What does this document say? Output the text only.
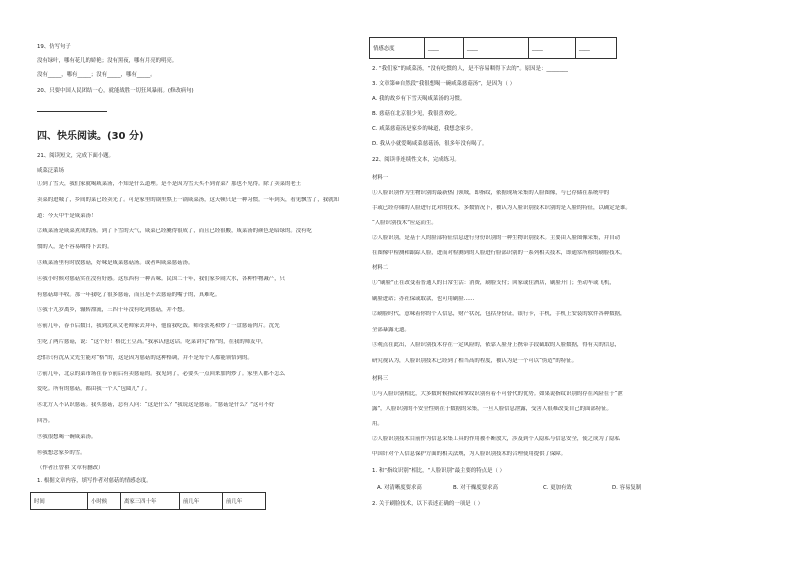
19、仿写句子
没有绿叶，哪有花儿的娇艳；没有黑夜，哪有月亮的明亮。
没有_____，哪有_____；没有_____，哪有_____。
20、只要中国人民团结一心，就能战胜一切狂风暴雨。(修改病句)
四、快乐阅读。(30 分)
21、阅读短文，完成下面小题。
咸菜泛菜场
①到了雪天，我们家就喝咸菜汤，不知是什么道理。是不是因为雪天买不到青菜？那也不见得。除了卖菜的老王
卖菜的进城了，乡间的菜已经卖光了。可是家里的锅里熬上一锅咸菜汤，这天顿只是一种习惯。一年到头，看见飘雪了，我就知
道：今天中午是咸菜汤！
②咸菜汤是咸菜煮成的汤。到了下雪的天气，咸菜已经腌得很成了，而且已经很酸，咸菜汤的颜色是暗绿的。没有吃
惯的人，是不容易咽得下去的。
③咸菜汤里有时放慈菇，好味是咸菜慈菇汤。或者叫咸菜慈菇汤。
④我小时候对慈菇实在没有好感。这东西有一种苦味。民国二十年，我们家乡闹大水，各种作物减产，只
有慈菇却丰收。那一年我吃了很多慈菇，而且是不去慈菇的嘴子的，真难吃。
⑤我十九岁离乡，辗转漂流，三四十年没有吃到慈菇，并不想。
⑥前几年，春节后数日，我到沈从文老师家去拜年，他留我吃饭，师母张兆和炒了一盘慈菇肉片。沈先
生吃了两片慈菇，说：“这个好！格比土豆高。”我承认他这话。吃菜讲究“格”的，在我的师友中，
恐怕只有沈从文先生能对“格”的，这是因为慈菇的这种格调，并不是每个人都能领悟到的。
⑦前几年，北京的菜市场在春节前后有卖慈菇的。我见到了，必要买一点回来加肉炒了。家里人都不怎么
爱吃。所有的慈菇，都由我一个人“包圆儿”了。
⑧北方人不认识慈菇。我买慈菇，总有人问：“这是什么？”我说这是慈菇。“慈菇是什么？”这可不好
回答。
⑨我很想喝一碗咸菜汤。
⑩我想念家乡的雪。
（作者汪曾祺 文章有删改）
1. 根据文章内容，填写作者对慈菇的情感态度。
时间	小时候	离家三四十年	前几年	前几年
情感态度	____	____	____	____
2. “我们家”的咸菜汤，“没有吃惯的人，是不容易咽得下去的”。原因是：________
3. 文章第⑩自然段“我很想喝一碗咸菜慈菇汤”，是因为（ ）
A. 我的故乡有下雪天喝咸菜汤的习惯。
B. 慈菇在北京很少见，我很喜欢吃。
C. 咸菜慈菇汤是家乡的味道，我想念家乡。
D. 我从小就爱喝咸菜慈菇汤，很多年没有喝了。
22、阅读非连续性文本，完成练习。
材料一
①人脸识别作为生物识别的最新热门领域，即指纹，依据现场采集的人脸图像，与已存储在系统中的
手或已经存储的人脸进行比对的技术。多数情况下，被认为人脸识别技术识别的是人脸的特征，以确定是谁。
“人脸识别技术”应运而生。
②人脸识别，是基于人的脸部特征信息进行身份识别的一种生物识别技术。主要由人脸图像采集，并自动
在图像中检测和跟踪人脸，进而对检测到的人脸进行脸部识别的一系列相关技术，即通常所称的刷脸技术。
材料二
①“刷脸”正在改变着普通人的日常生活：消费，刷脸支付；回家或住酒店，刷脸开门；坐动车或飞机，
刷脸进站；办社保或取款，也可用刷脸……
②刷脸时代，意味着你的个人信息，财产状况，包括身份证，银行卡，手机，手机上安装的软件各种数据，
全部暴露无遗。
③观点在此出，人脸识别技术存在一定风险的，依靠人脸身上携带手段截取的人脸数据，得有关的信息，
研究视认为，人脸识别技术已经到了相当高的程度，被认为是一个可以“伪造”的特征。
材料三
①与人脸识别相比，大多数时候指纹和掌纹识别有着不可替代的优势。如果说指纹识别的存在风险在于“泄
露”，人脸识别的不安全性则在于数据的采集，一旦人脸信息泄露，受害人很难改变自己的面部特征。
用。
②人脸识别技术目前作为信息采集工具的作用被不断放大，涉及到个人隐私与信息安全，使之成为了隐私
中国针对个人信息保护方面的相关法规，为人脸识别技术的合理使用提供了保障。
1. 和“指纹识别”相比，“人脸识别”最主要的特点是（ ）
A. 对清晰度要求高	B. 对干燥度要求高	C. 更加有效	D. 容易复制
2. 关于刷脸技术，以下表述正确的一项是（ ）
